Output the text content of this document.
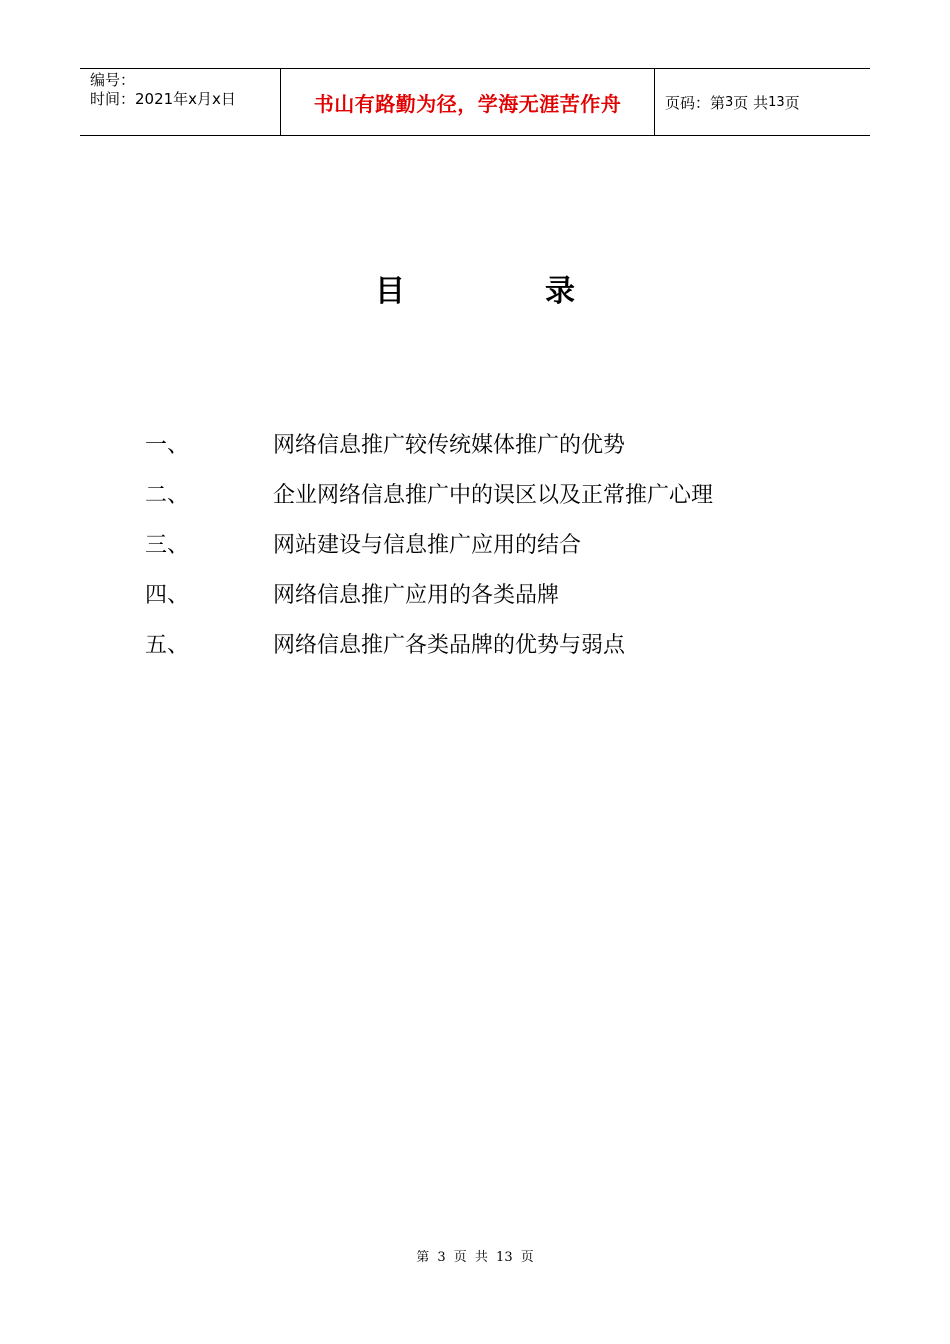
编号：
时间：2021年x月x日	书山有路勤为径，学海无涯苦作舟	页码：第 3 页 共 13 页
目	录
一、	网络信息推广较传统媒体推广的优势
二、	企业网络信息推广中的误区以及正常推广心理
三、	网站建设与信息推广应用的结合
四、	网络信息推广应用的各类品牌
五、	网络信息推广各类品牌的优势与弱点
第 3 页 共 13 页
